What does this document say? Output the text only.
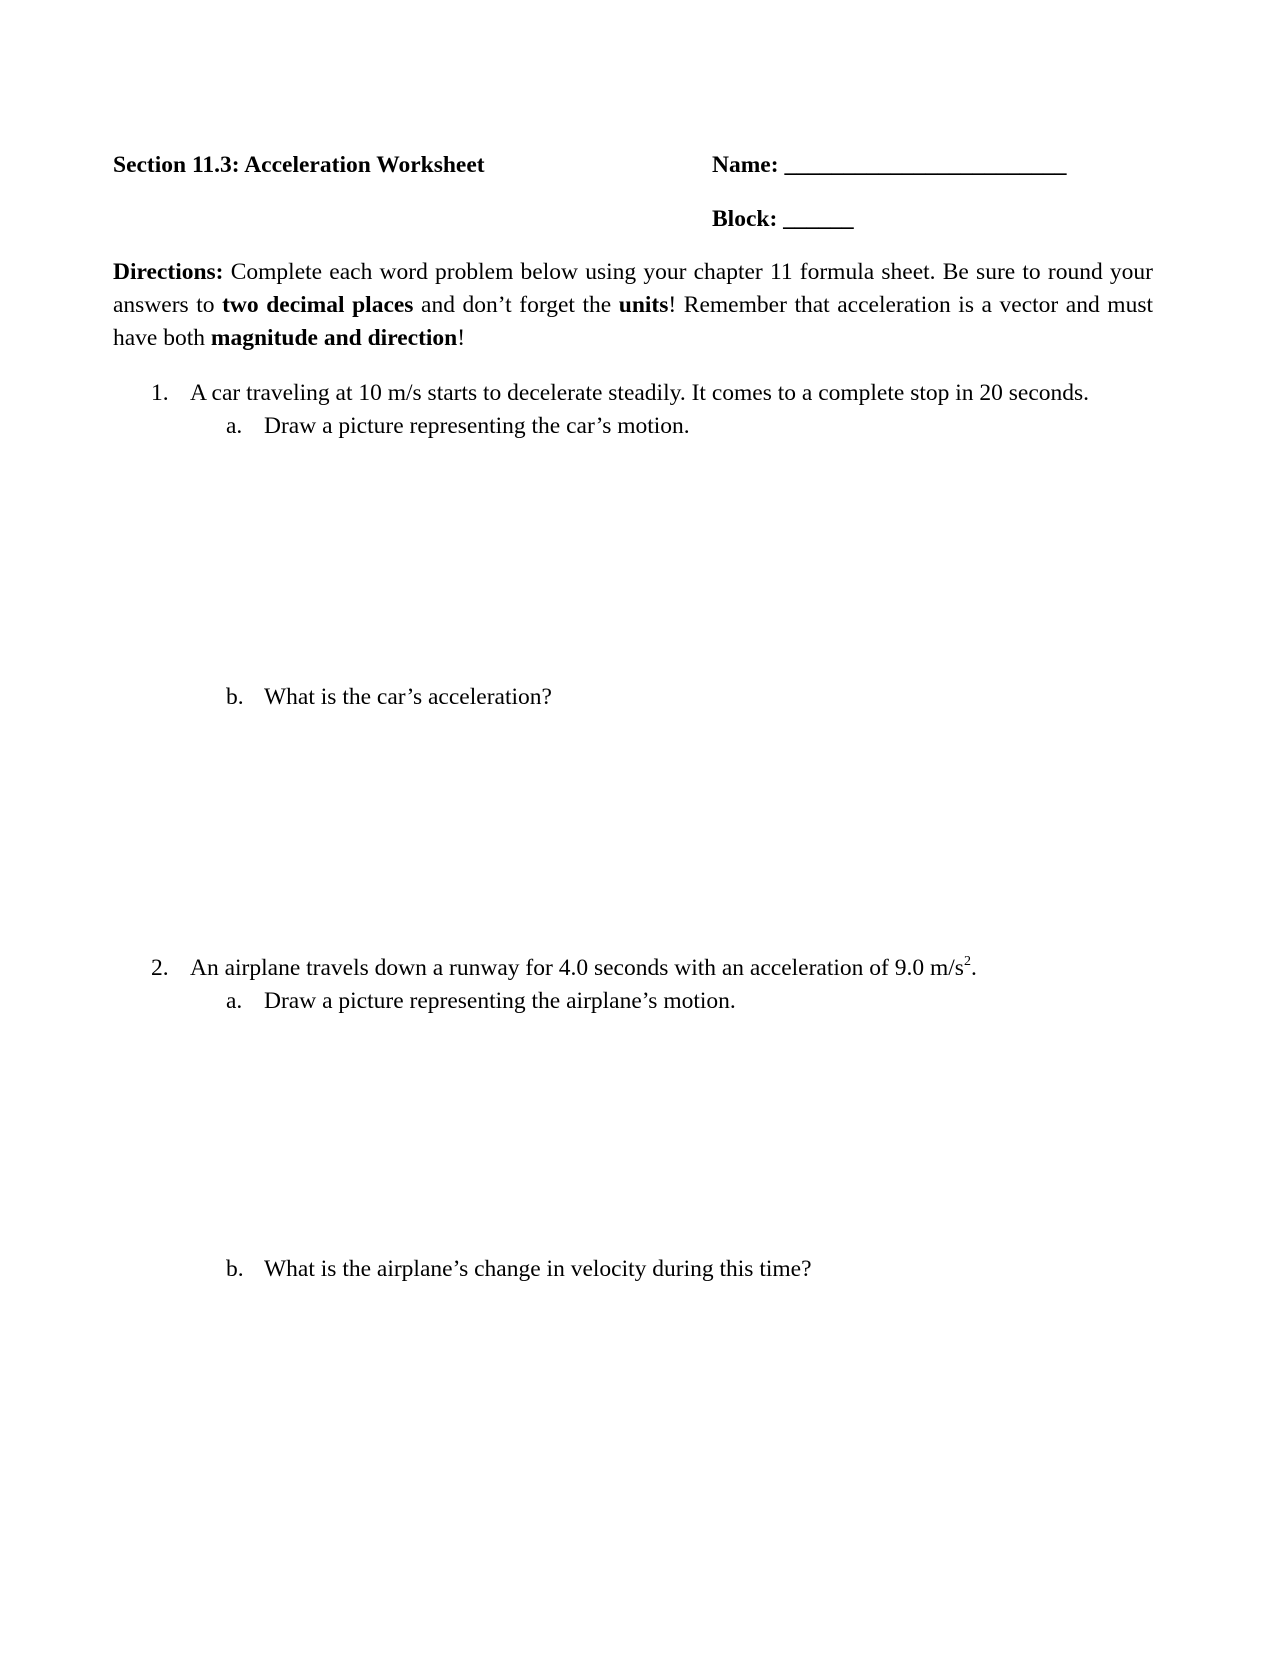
Section 11.3: Acceleration Worksheet	Name: ________________________
Block: ______
Directions: Complete each word problem below using your chapter 11 formula sheet. Be sure to round your answers to two decimal places and don’t forget the units! Remember that acceleration is a vector and must have both magnitude and direction!
1. A car traveling at 10 m/s starts to decelerate steadily. It comes to a complete stop in 20 seconds.
a. Draw a picture representing the car’s motion.
b. What is the car’s acceleration?
2. An airplane travels down a runway for 4.0 seconds with an acceleration of 9.0 $m/s^2$.
a. Draw a picture representing the airplane’s motion.
b. What is the airplane’s change in velocity during this time?
